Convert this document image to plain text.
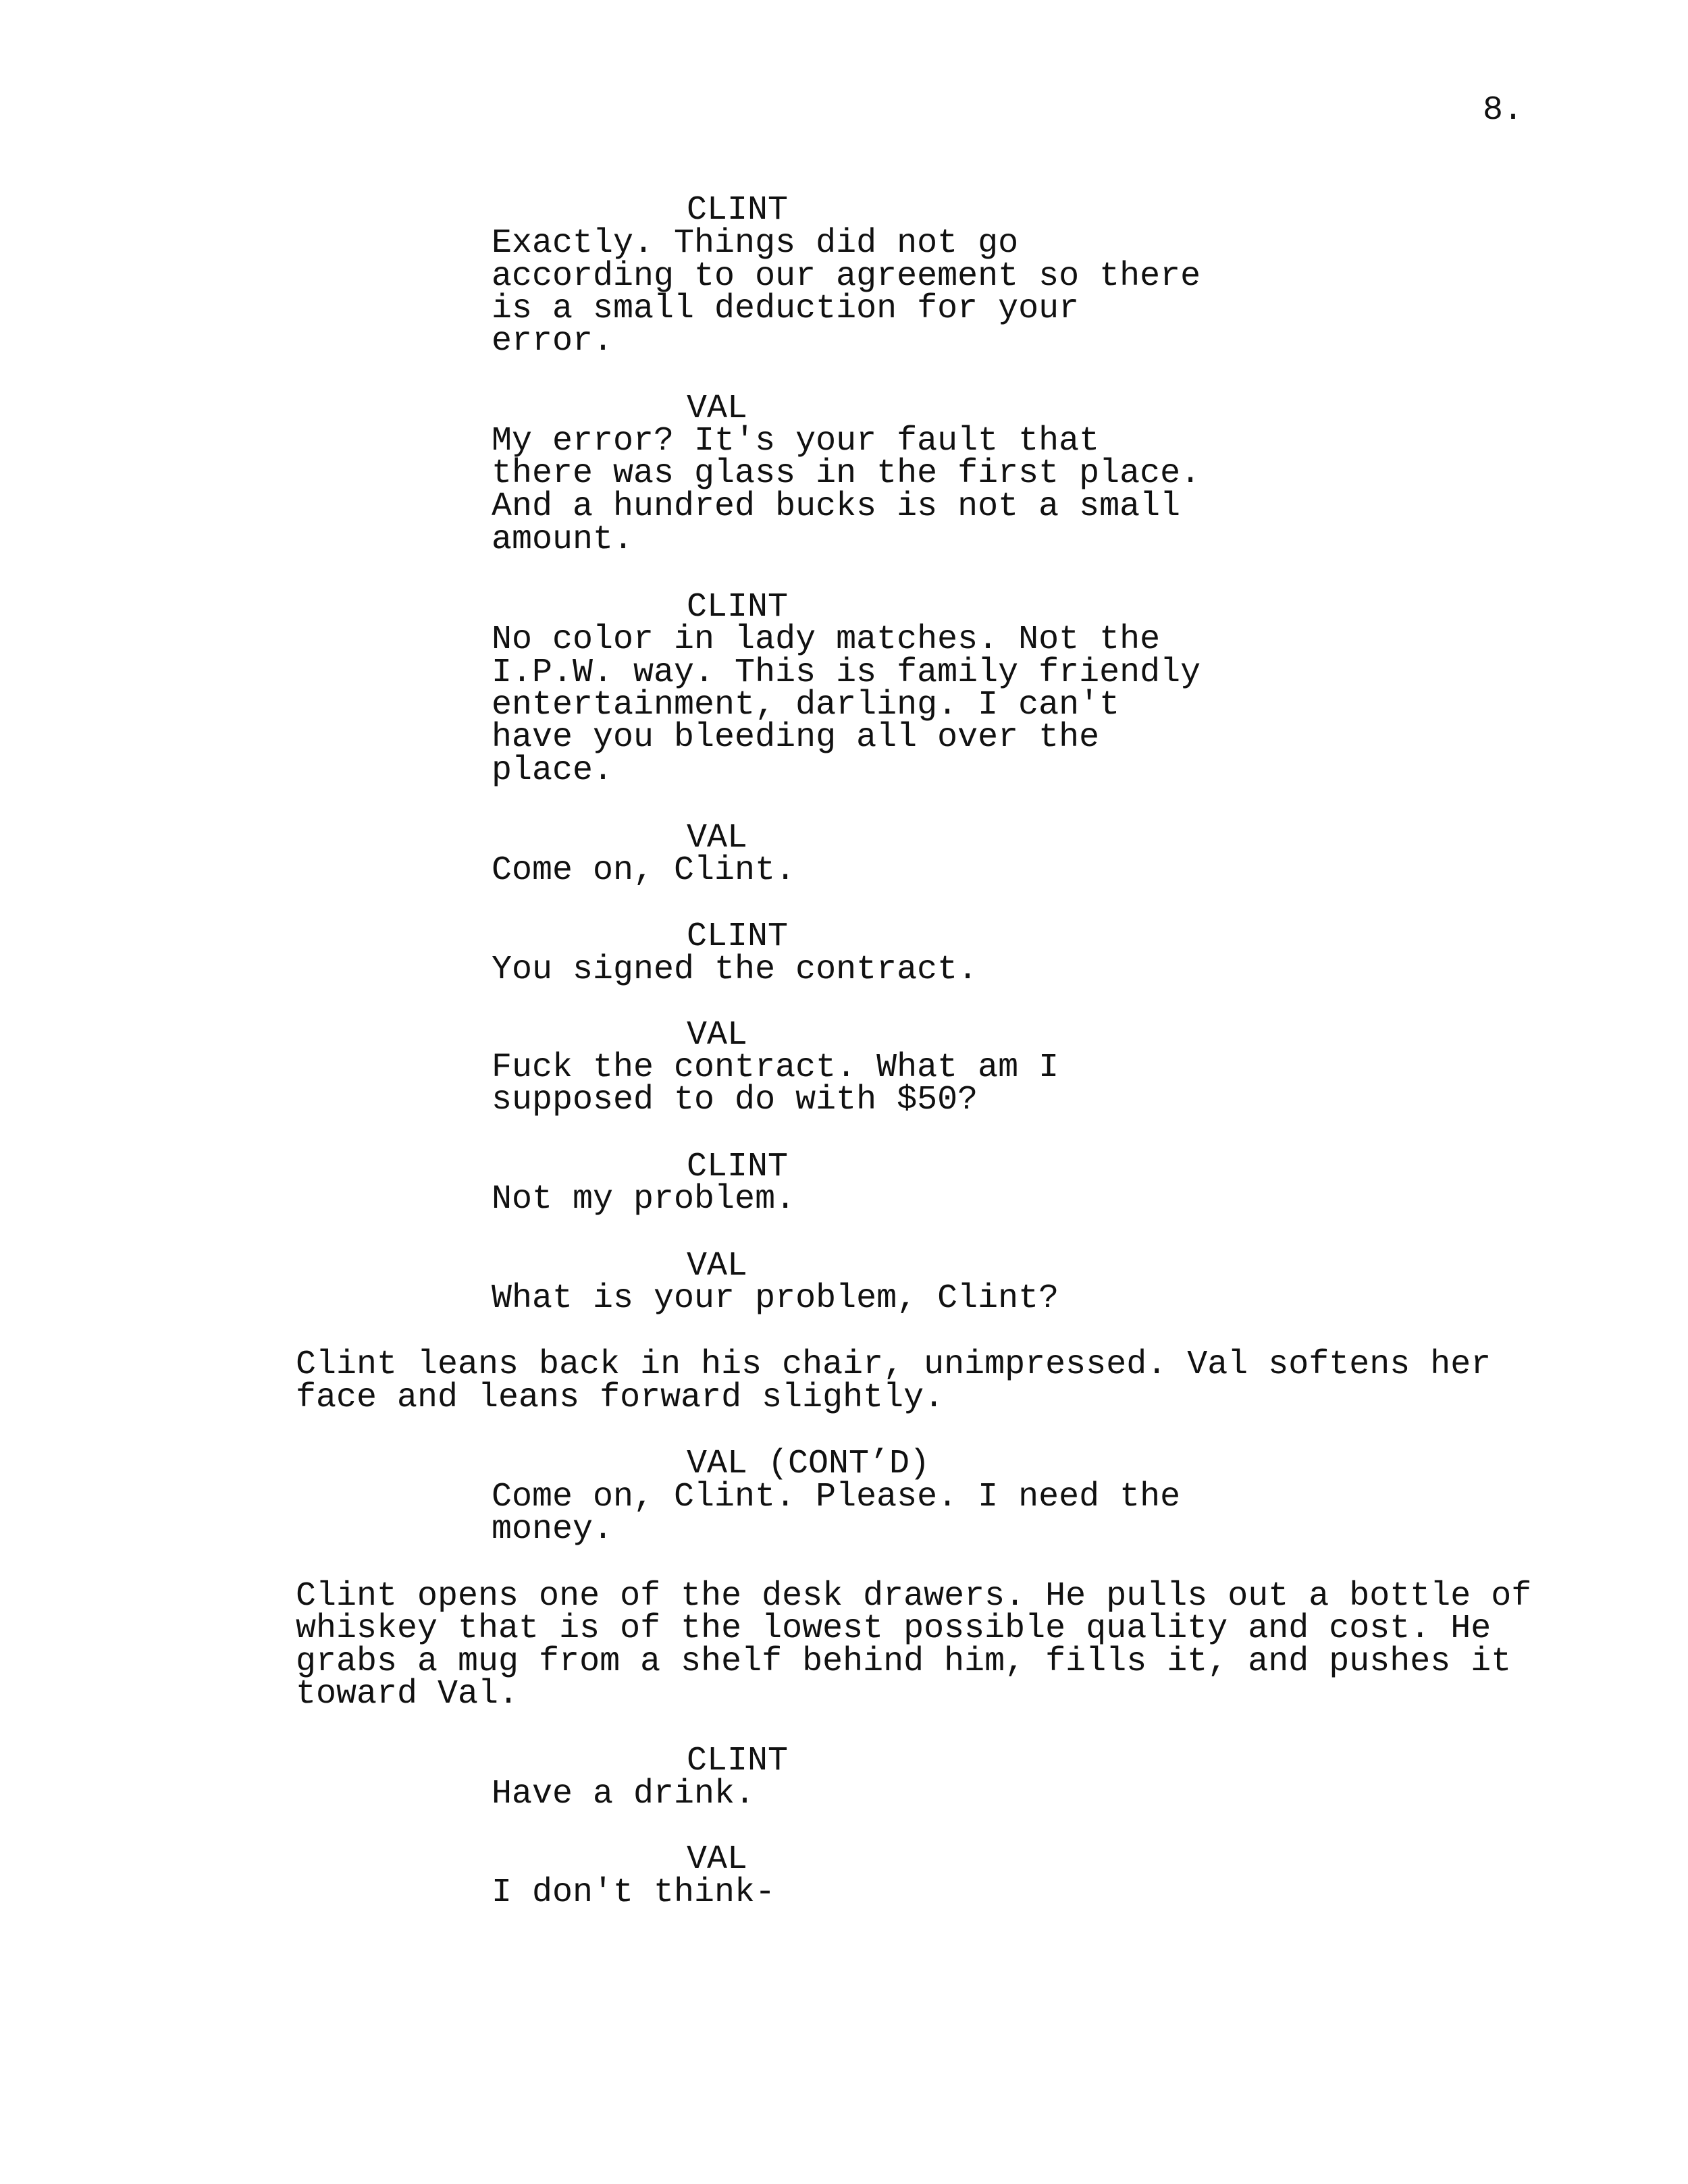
8.
CLINT
Exactly. Things did not go
according to our agreement so there
is a small deduction for your
error.
VAL
My error? It's your fault that
there was glass in the first place.
And a hundred bucks is not a small
amount.
CLINT
No color in lady matches. Not the
I.P.W. way. This is family friendly
entertainment, darling. I can't
have you bleeding all over the
place.
VAL
Come on, Clint.
CLINT
You signed the contract.
VAL
Fuck the contract. What am I
supposed to do with $50?
CLINT
Not my problem.
VAL
What is your problem, Clint?
Clint leans back in his chair, unimpressed. Val softens her
face and leans forward slightly.
VAL (CONT’D)
Come on, Clint. Please. I need the
money.
Clint opens one of the desk drawers. He pulls out a bottle of
whiskey that is of the lowest possible quality and cost. He
grabs a mug from a shelf behind him, fills it, and pushes it
toward Val.
CLINT
Have a drink.
VAL
I don't think-
